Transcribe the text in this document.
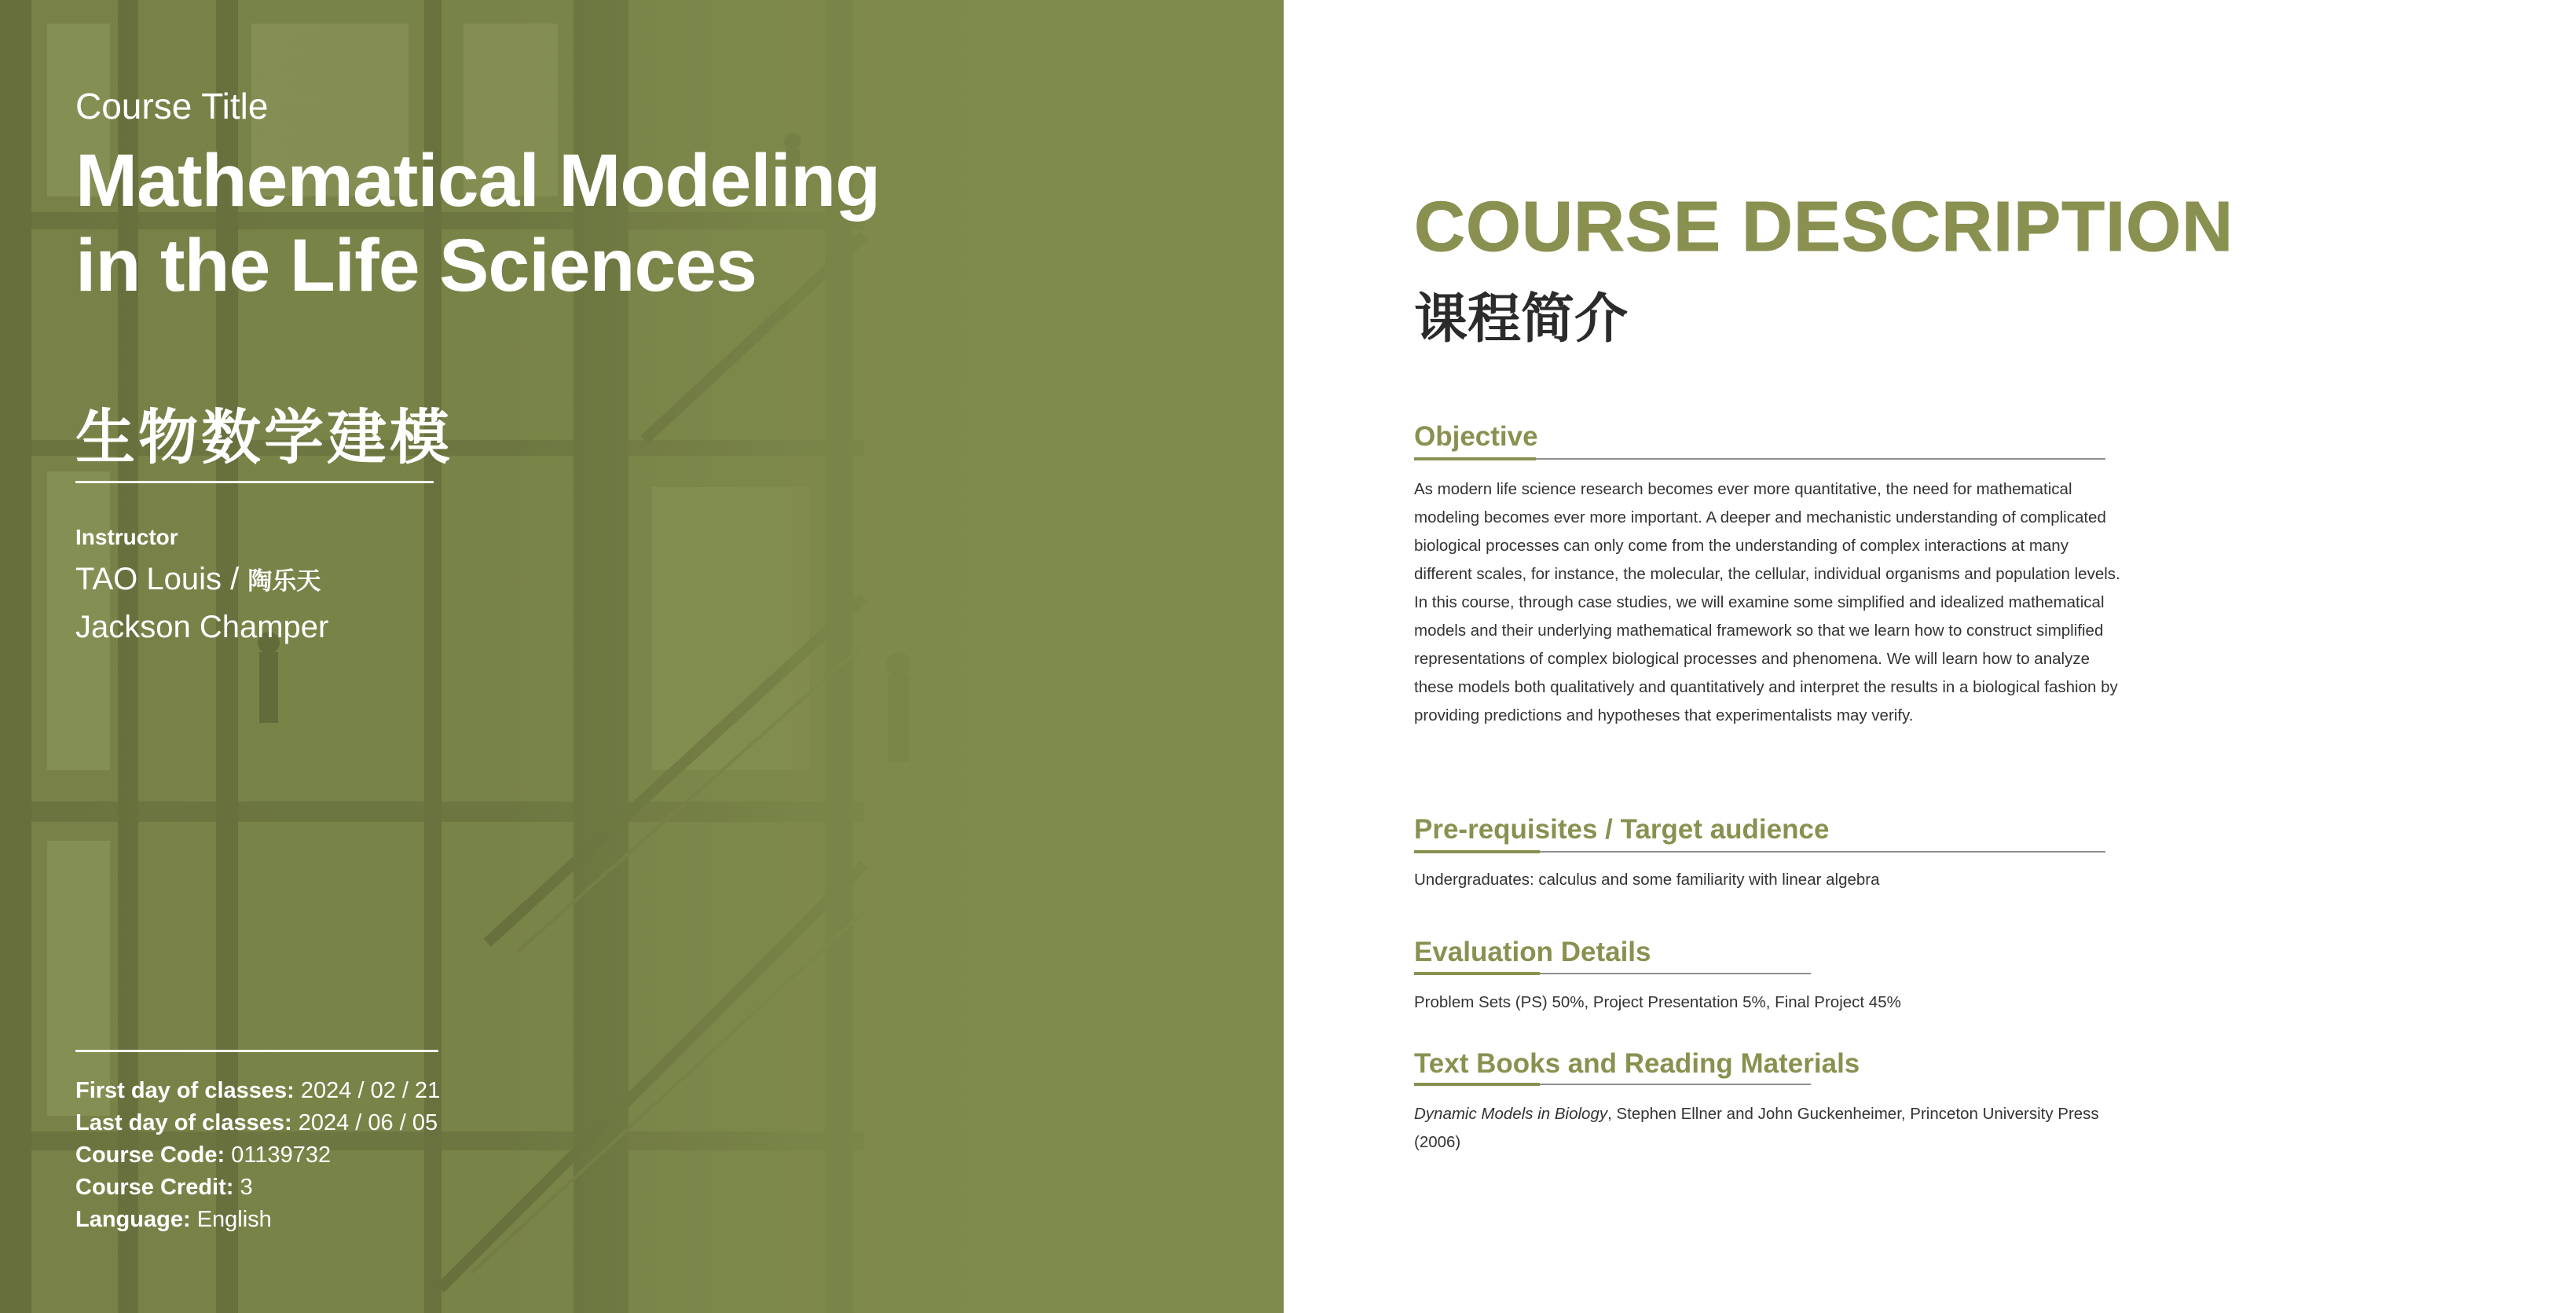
Course Title
Mathematical Modeling in the Life Sciences
生物数学建模
Instructor
TAO Louis / 陶乐天
Jackson Champer
First day of classes: 2024 / 02 / 21
Last day of classes: 2024 / 06 / 05
Course Code: 01139732
Course Credit: 3
Language: English
COURSE DESCRIPTION
课程简介
Objective

As modern life science research becomes ever more quantitative, the need for mathematical modeling becomes ever more important. A deeper and mechanistic understanding of complicated biological processes can only come from the understanding of complex interactions at many different scales, for instance, the molecular, the cellular, individual organisms and population levels.

In this course, through case studies, we will examine some simplified and idealized mathematical models and their underlying mathematical framework so that we learn how to construct simplified representations of complex biological processes and phenomena. We will learn how to analyze these models both qualitatively and quantitatively and interpret the results in a biological fashion by providing predictions and hypotheses that experimentalists may verify.

Pre-requisites / Target audience

Undergraduates: calculus and some familiarity with linear algebra

Evaluation Details

Problem Sets (PS) 50%, Project Presentation 5%, Final Project 45%

Text Books and Reading Materials

Dynamic Models in Biology, Stephen Ellner and John Guckenheimer, Princeton University Press (2006)
